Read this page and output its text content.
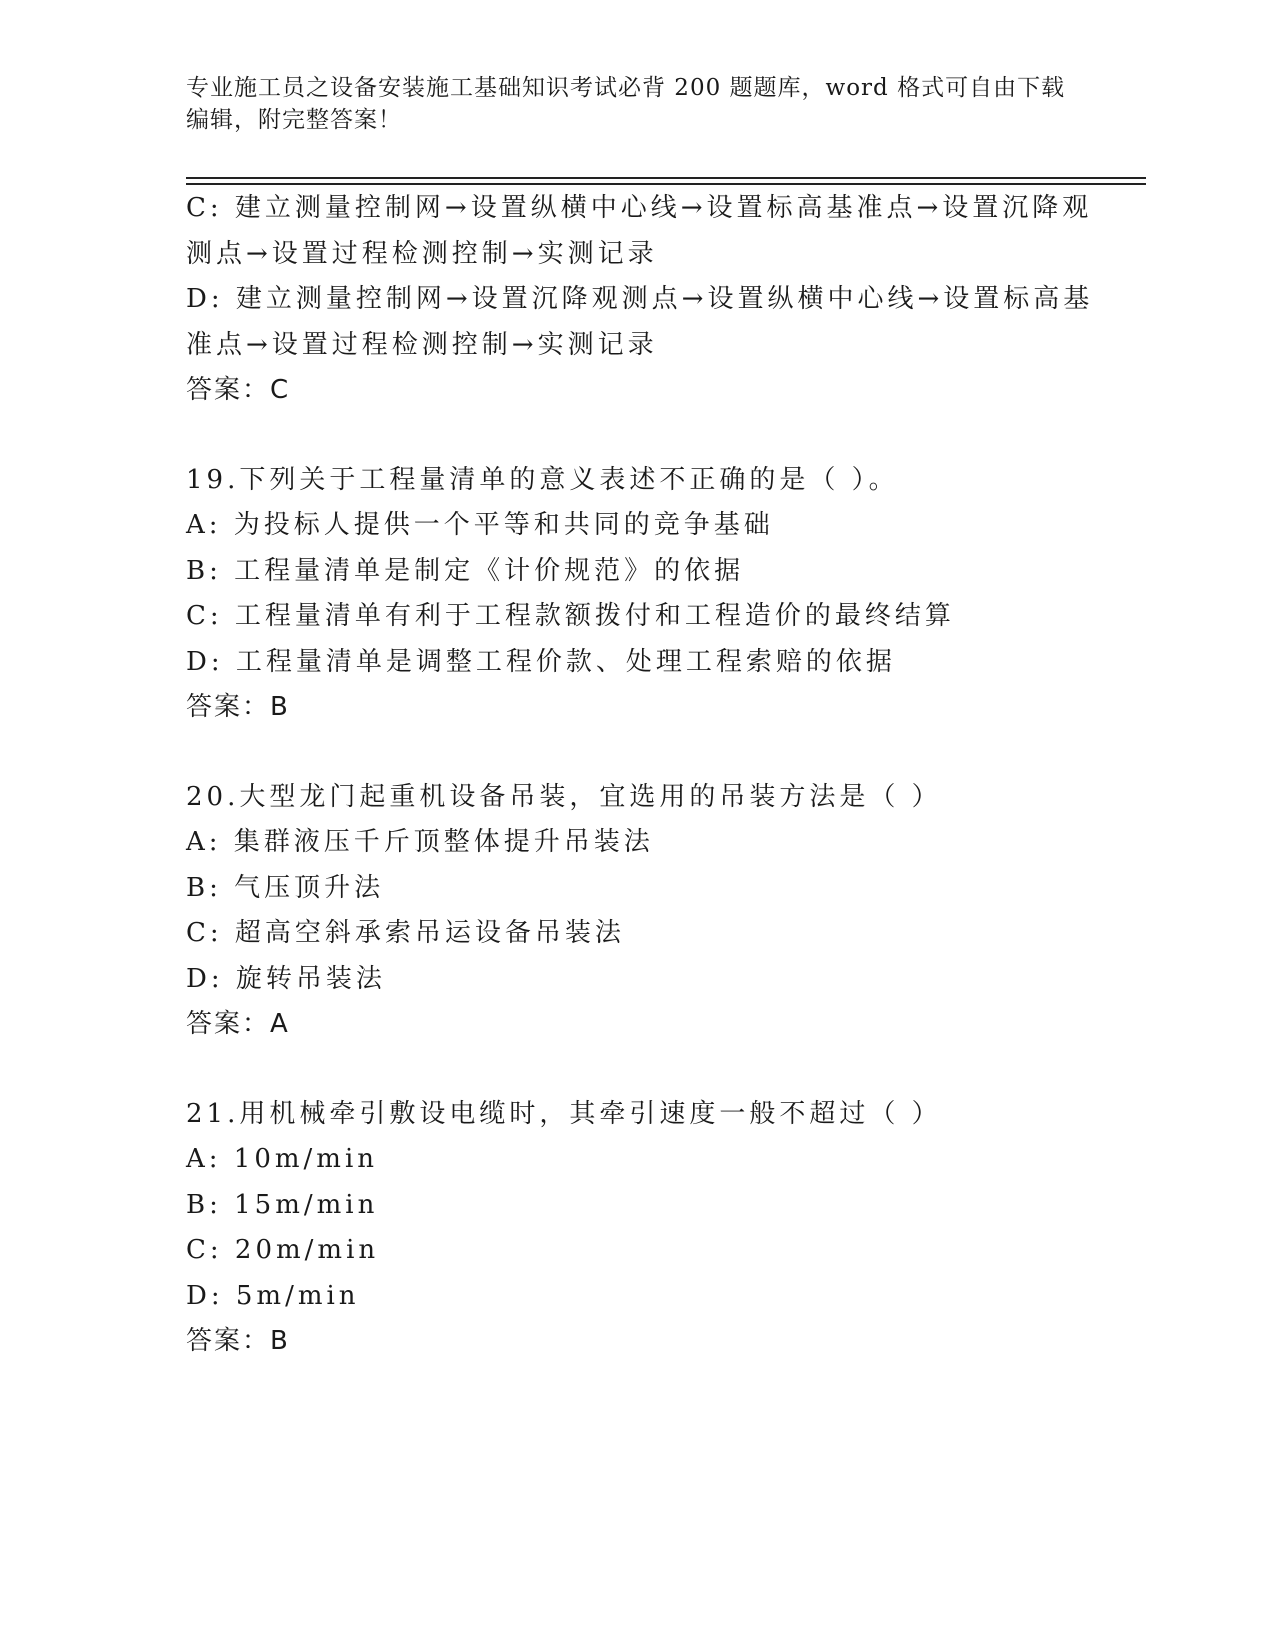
专业施工员之设备安装施工基础知识考试必背 200 题题库，word 格式可自由下载
编辑，附完整答案！
C: 建立测量控制网→设置纵横中心线→设置标高基准点→设置沉降观
测点→设置过程检测控制→实测记录
D: 建立测量控制网→设置沉降观测点→设置纵横中心线→设置标高基
准点→设置过程检测控制→实测记录
答案：C
19.下列关于工程量清单的意义表述不正确的是（ ）。
A: 为投标人提供一个平等和共同的竞争基础
B: 工程量清单是制定《计价规范》的依据
C: 工程量清单有利于工程款额拨付和工程造价的最终结算
D: 工程量清单是调整工程价款、处理工程索赔的依据
答案：B
20.大型龙门起重机设备吊装，宜选用的吊装方法是（ ）
A: 集群液压千斤顶整体提升吊装法
B: 气压顶升法
C: 超高空斜承索吊运设备吊装法
D: 旋转吊装法
答案：A
21.用机械牵引敷设电缆时，其牵引速度一般不超过（ ）
A: 10m/min
B: 15m/min
C: 20m/min
D: 5m/min
答案：B
